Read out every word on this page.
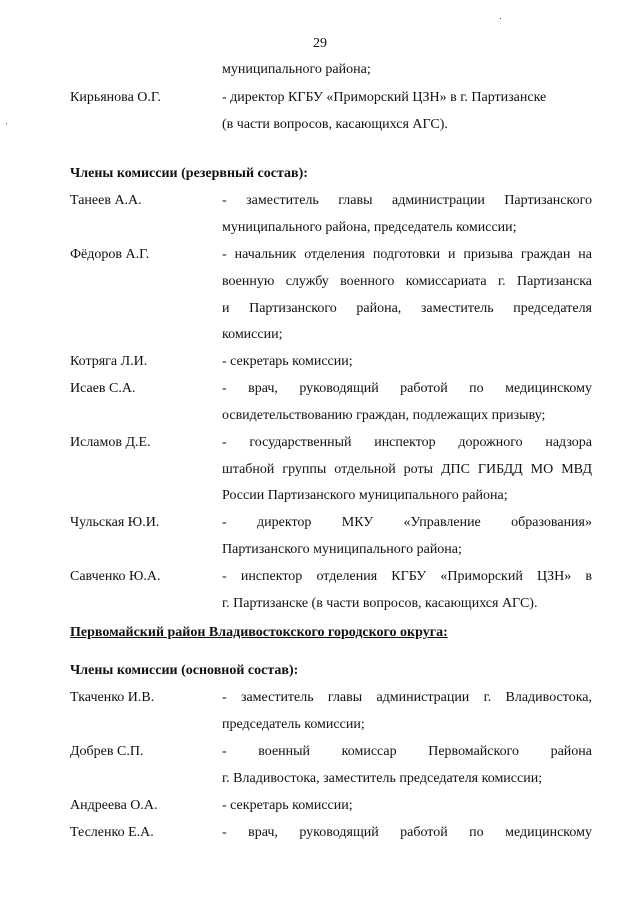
29
муниципального района;
Кирьянова О.Г.	- директор КГБУ «Приморский ЦЗН» в г. Партизанске
(в части вопросов, касающихся АГС).
Члены комиссии (резервный состав):
Танеев А.А.	- заместитель главы администрации Партизанского
муниципального района, председатель комиссии;
Фёдоров А.Г.	- начальник отделения подготовки и призыва граждан на
военную службу военного комиссариата г. Партизанска
и Партизанского района, заместитель председателя
комиссии;
Котряга Л.И.	- секретарь комиссии;
Исаев С.А.	- врач, руководящий работой по медицинскому
освидетельствованию граждан, подлежащих призыву;
Исламов Д.Е.	- государственный инспектор дорожного надзора
штабной группы отдельной роты ДПС ГИБДД МО МВД
России Партизанского муниципального района;
Чульская Ю.И.	- директор МКУ «Управление образования»
Партизанского муниципального района;
Савченко Ю.А.	- инспектор отделения КГБУ «Приморский ЦЗН» в
г. Партизанске (в части вопросов, касающихся АГС).
Первомайский район Владивостокского городского округа:
Члены комиссии (основной состав):
Ткаченко И.В.	- заместитель главы администрации г. Владивостока,
председатель комиссии;
Добрев С.П.	- военный комиссар Первомайского района
г. Владивостока, заместитель председателя комиссии;
Андреева О.А.	- секретарь комиссии;
Тесленко Е.А.	- врач, руководящий работой по медицинскому
